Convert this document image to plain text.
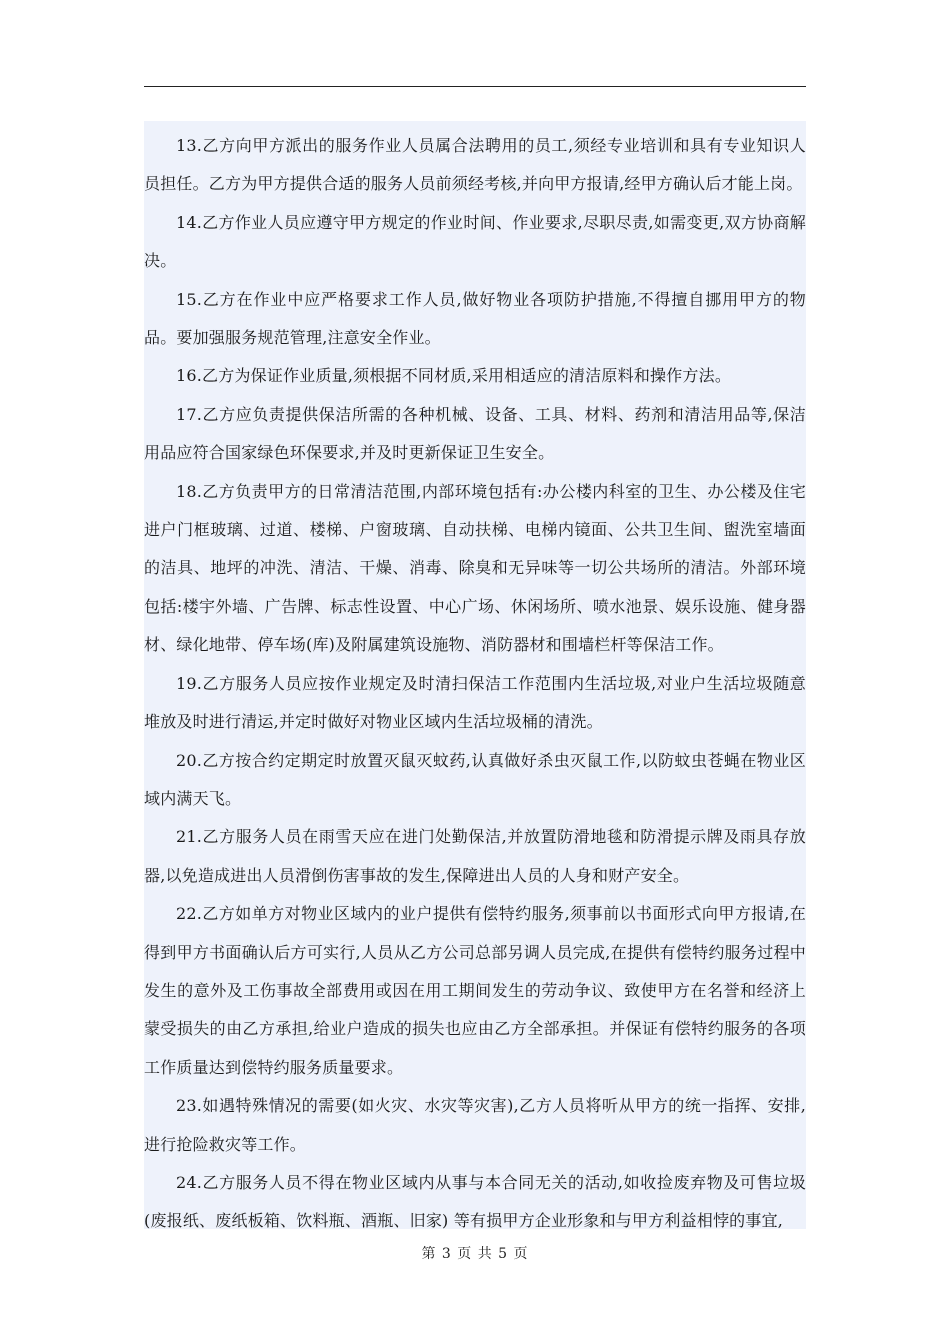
13.乙方向甲方派出的服务作业人员属合法聘用的员工,须经专业培训和具有专业知识人员担任。乙方为甲方提供合适的服务人员前须经考核,并向甲方报请,经甲方确认后才能上岗。

14.乙方作业人员应遵守甲方规定的作业时间、作业要求,尽职尽责,如需变更,双方协商解决。

15.乙方在作业中应严格要求工作人员,做好物业各项防护措施,不得擅自挪用甲方的物品。要加强服务规范管理,注意安全作业。

16.乙方为保证作业质量,须根据不同材质,采用相适应的清洁原料和操作方法。

17.乙方应负责提供保洁所需的各种机械、设备、工具、材料、药剂和清洁用品等,保洁用品应符合国家绿色环保要求,并及时更新保证卫生安全。

18.乙方负责甲方的日常清洁范围,内部环境包括有:办公楼内科室的卫生、办公楼及住宅进户门框玻璃、过道、楼梯、户窗玻璃、自动扶梯、电梯内镜面、公共卫生间、盥洗室墙面的洁具、地坪的冲洗、清洁、干燥、消毒、除臭和无异味等一切公共场所的清洁。外部环境包括:楼宇外墙、广告牌、标志性设置、中心广场、休闲场所、喷水池景、娱乐设施、健身器材、绿化地带、停车场(库)及附属建筑设施物、消防器材和围墙栏杆等保洁工作。

19.乙方服务人员应按作业规定及时清扫保洁工作范围内生活垃圾,对业户生活垃圾随意堆放及时进行清运,并定时做好对物业区域内生活垃圾桶的清洗。

20.乙方按合约定期定时放置灭鼠灭蚊药,认真做好杀虫灭鼠工作,以防蚊虫苍蝇在物业区域内满天飞。

21.乙方服务人员在雨雪天应在进门处勤保洁,并放置防滑地毯和防滑提示牌及雨具存放器,以免造成进出人员滑倒伤害事故的发生,保障进出人员的人身和财产安全。

22.乙方如单方对物业区域内的业户提供有偿特约服务,须事前以书面形式向甲方报请,在得到甲方书面确认后方可实行,人员从乙方公司总部另调人员完成,在提供有偿特约服务过程中发生的意外及工伤事故全部费用或因在用工期间发生的劳动争议、致使甲方在名誉和经济上蒙受损失的由乙方承担,给业户造成的损失也应由乙方全部承担。并保证有偿特约服务的各项工作质量达到偿特约服务质量要求。

23.如遇特殊情况的需要(如火灾、水灾等灾害),乙方人员将听从甲方的统一指挥、安排,进行抢险救灾等工作。

24.乙方服务人员不得在物业区域内从事与本合同无关的活动,如收捡废弃物及可售垃圾(废报纸、废纸板箱、饮料瓶、酒瓶、旧家) 等有损甲方企业形象和与甲方利益相悖的事宜,

第 3 页 共 5 页
